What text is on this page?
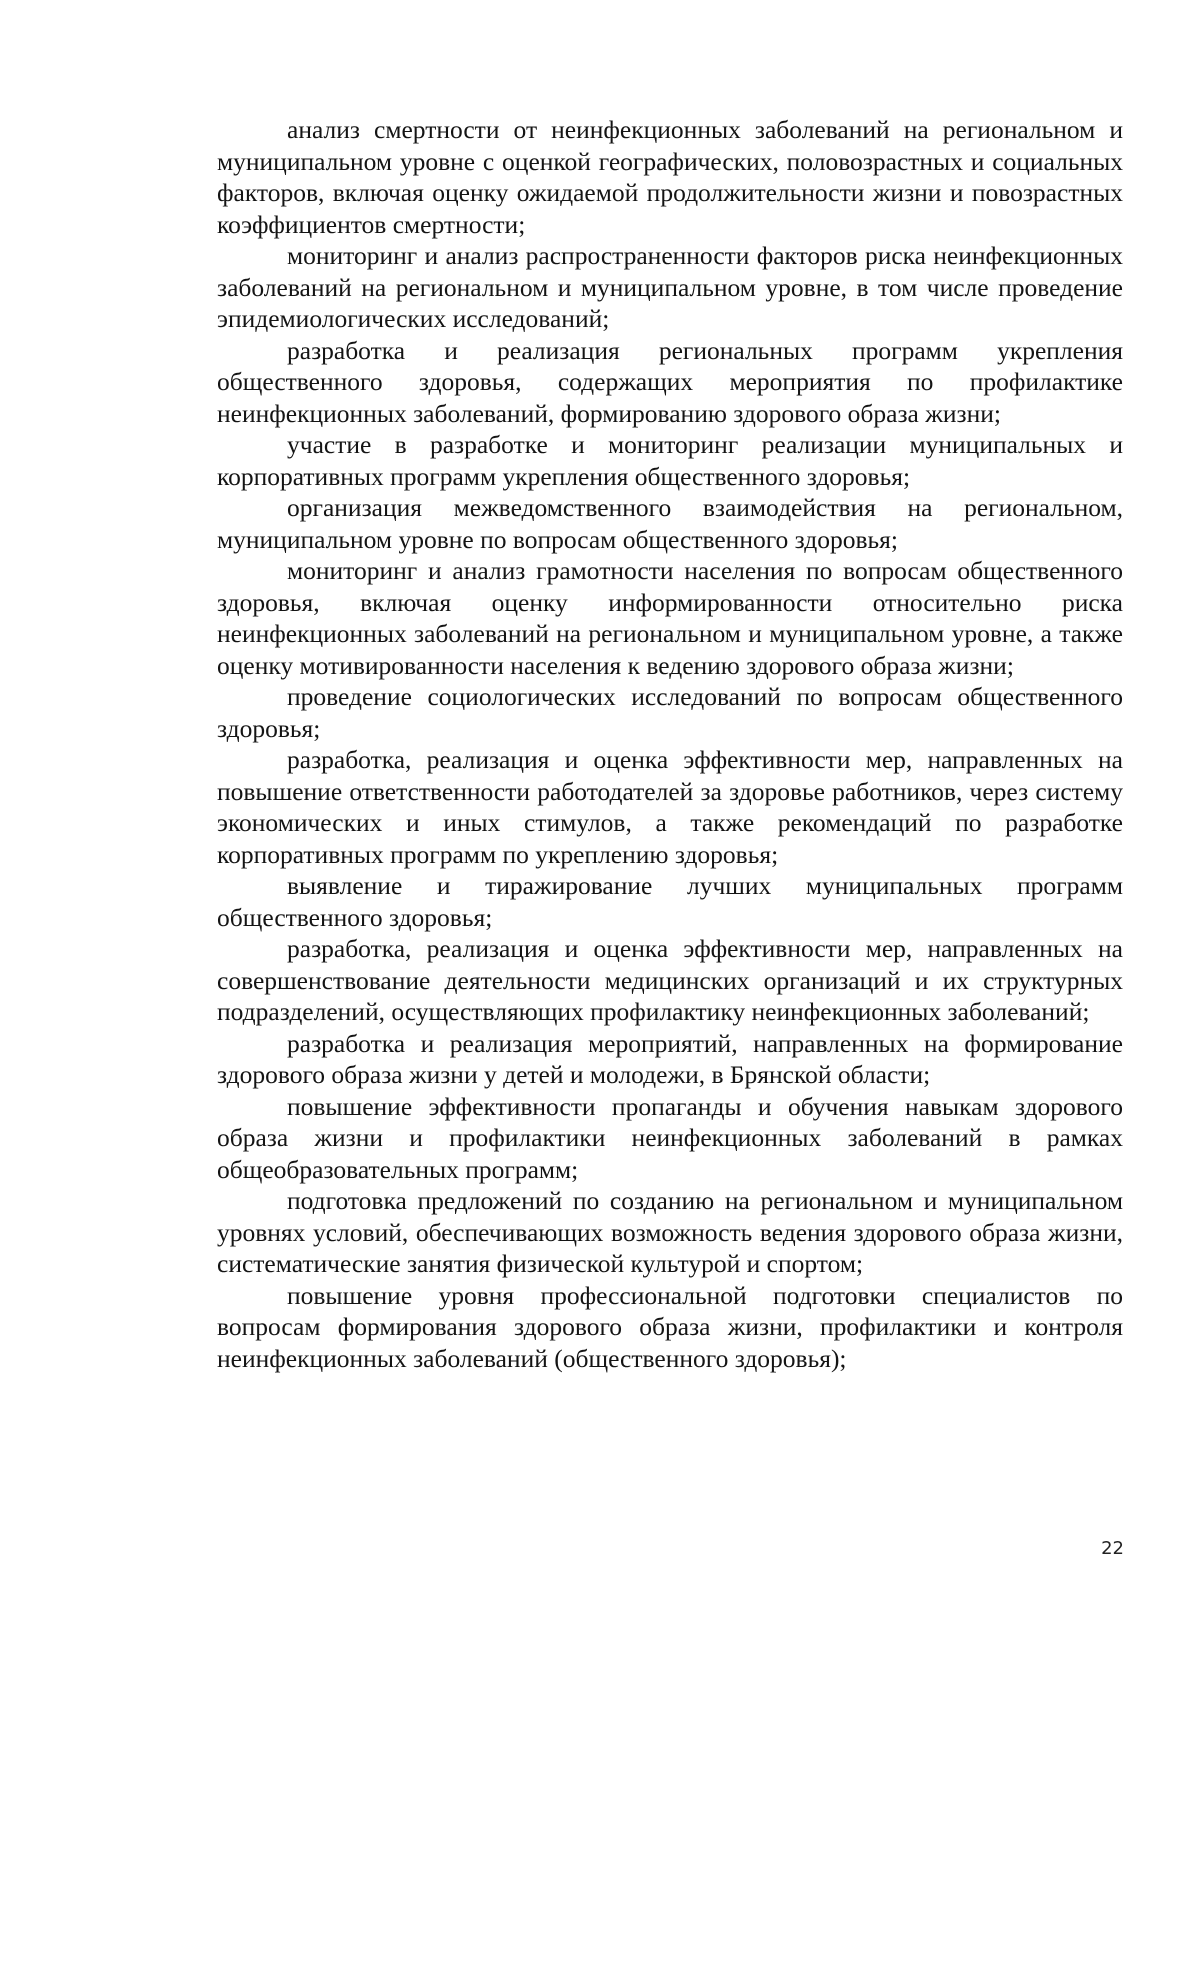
анализ смертности от неинфекционных заболеваний на региональном и муниципальном уровне с оценкой географических, половозрастных и социальных факторов, включая оценку ожидаемой продолжительности жизни и повозрастных коэффициентов смертности;

мониторинг и анализ распространенности факторов риска неинфекционных заболеваний на региональном и муниципальном уровне, в том числе проведение эпидемиологических исследований;

разработка и реализация региональных программ укрепления общественного здоровья, содержащих мероприятия по профилактике неинфекционных заболеваний, формированию здорового образа жизни;

участие в разработке и мониторинг реализации муниципальных и корпоративных программ укрепления общественного здоровья;

организация межведомственного взаимодействия на региональном, муниципальном уровне по вопросам общественного здоровья;

мониторинг и анализ грамотности населения по вопросам общественного здоровья, включая оценку информированности относительно риска неинфекционных заболеваний на региональном и муниципальном уровне, а также оценку мотивированности населения к ведению здорового образа жизни;

проведение социологических исследований по вопросам общественного здоровья;

разработка, реализация и оценка эффективности мер, направленных на повышение ответственности работодателей за здоровье работников, через систему экономических и иных стимулов, а также рекомендаций по разработке корпоративных программ по укреплению здоровья;

выявление и тиражирование лучших муниципальных программ общественного здоровья;

разработка, реализация и оценка эффективности мер, направленных на совершенствование деятельности медицинских организаций и их структурных подразделений, осуществляющих профилактику неинфекционных заболеваний;

разработка и реализация мероприятий, направленных на формирование здорового образа жизни у детей и молодежи, в Брянской области;

повышение эффективности пропаганды и обучения навыкам здорового образа жизни и профилактики неинфекционных заболеваний в рамках общеобразовательных программ;

подготовка предложений по созданию на региональном и муниципальном уровнях условий, обеспечивающих возможность ведения здорового образа жизни, систематические занятия физической культурой и спортом;

повышение уровня профессиональной подготовки специалистов по вопросам формирования здорового образа жизни, профилактики и контроля неинфекционных заболеваний (общественного здоровья);

22
